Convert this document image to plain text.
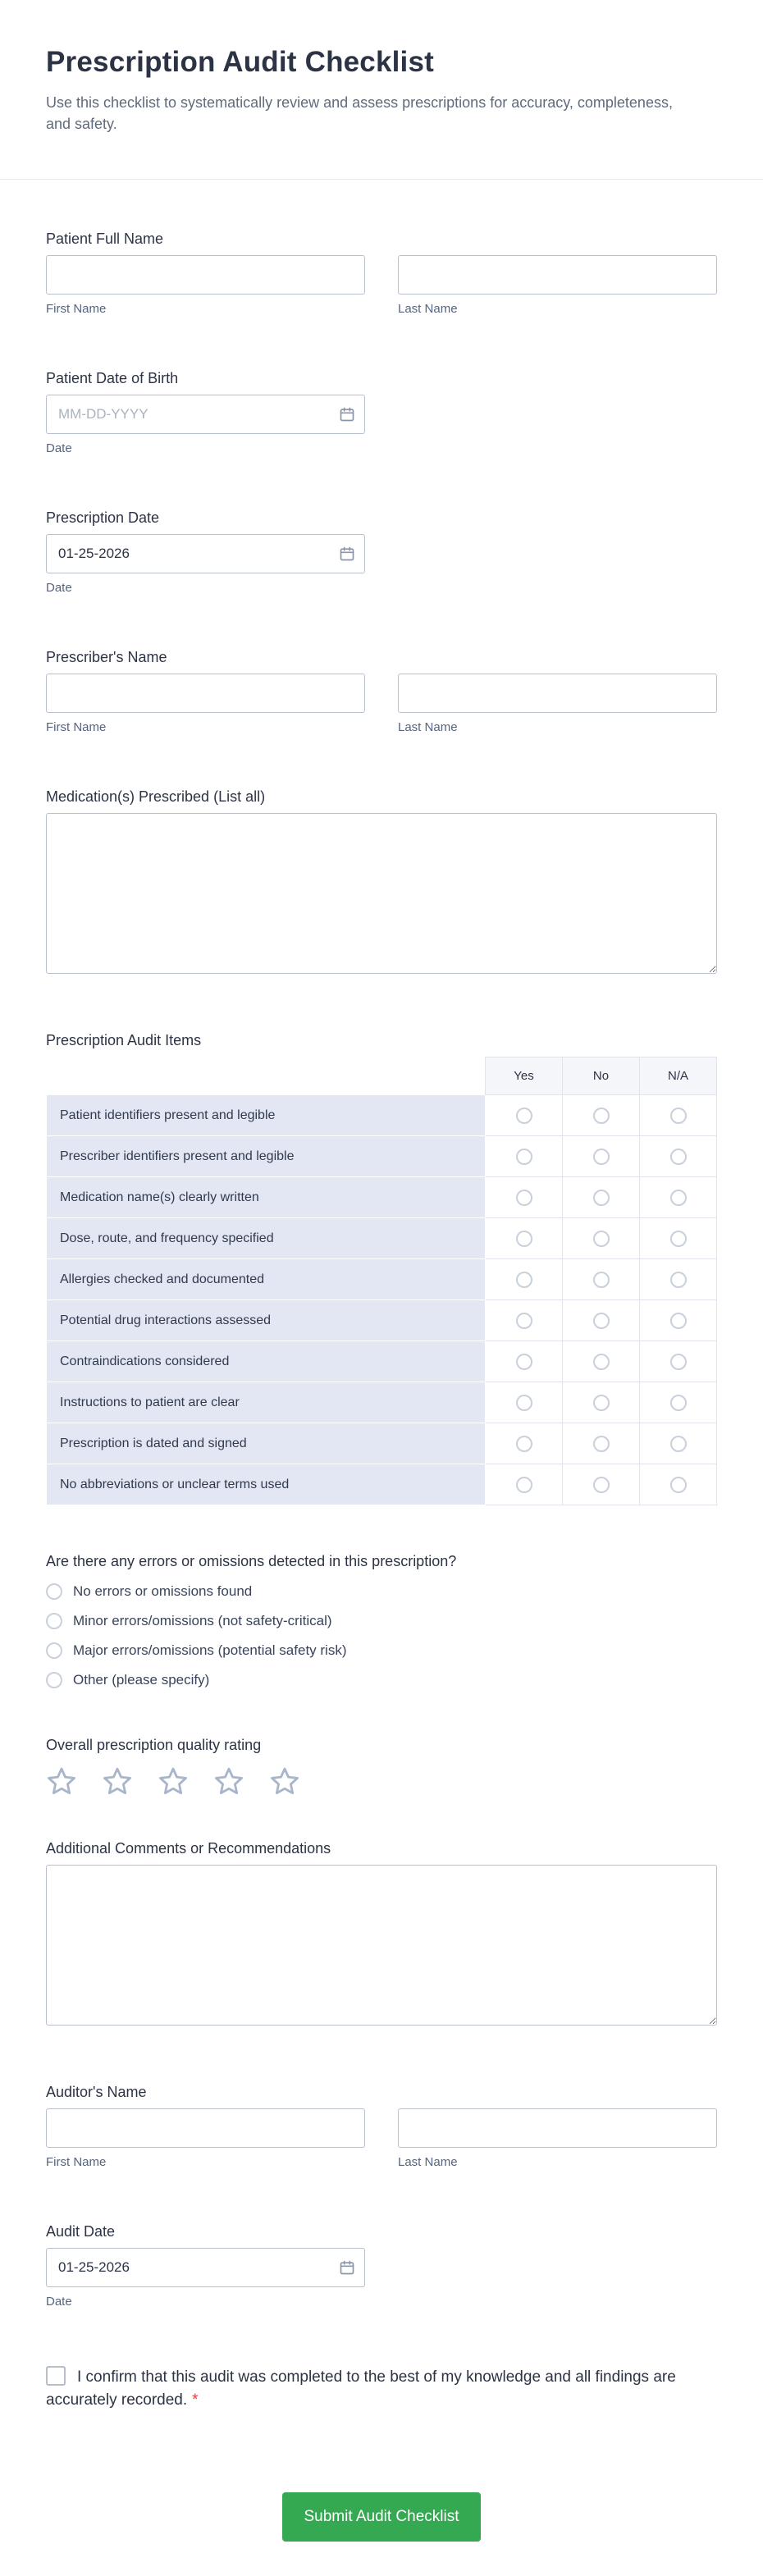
Prescription Audit Checklist
Use this checklist to systematically review and assess prescriptions for accuracy, completeness, and safety.
Patient Full Name
First Name	Last Name
Patient Date of Birth
MM-DD-YYYY
Date
Prescription Date
01-25-2026
Date
Prescriber's Name
First Name	Last Name
Medication(s) Prescribed (List all)
Prescription Audit Items
	Yes	No	N/A
Patient identifiers present and legible			
Prescriber identifiers present and legible			
Medication name(s) clearly written			
Dose, route, and frequency specified			
Allergies checked and documented			
Potential drug interactions assessed			
Contraindications considered			
Instructions to patient are clear			
Prescription is dated and signed			
No abbreviations or unclear terms used			
Are there any errors or omissions detected in this prescription?
No errors or omissions found
Minor errors/omissions (not safety-critical)
Major errors/omissions (potential safety risk)
Other (please specify)
Overall prescription quality rating
Additional Comments or Recommendations
Auditor's Name
First Name	Last Name
Audit Date
01-25-2026
Date
I confirm that this audit was completed to the best of my knowledge and all findings are accurately recorded. *
Submit Audit Checklist
